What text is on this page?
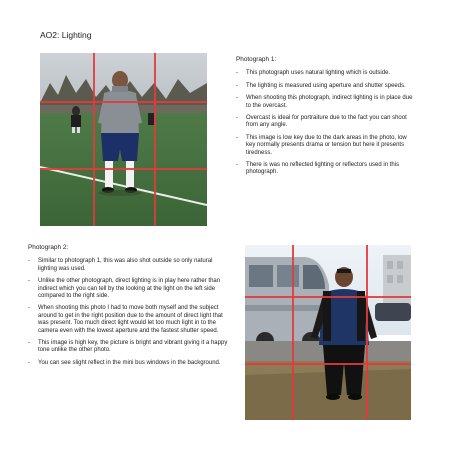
AO2: Lighting
Photograph 1:
- This photograph uses natural lighting which is outside.
- The lighting is measured using aperture and shutter speeds.
- When shooting this photograph, indirect lighting is in place due to the overcast.
- Overcast is ideal for portraiture due to the fact you can shoot from any angle.
- This image is low key due to the dark areas in the photo, low key normally presents drama or tension but here it presents tiredness.
- There is was no reflected lighting or reflectors used in this photograph.
Photograph 2:
- Similar to photograph 1, this was also shot outside so only natural lighting was used.
- Unlike the other photograph, direct lighting is in play here rather than indirect which you can tell by the looking at the light on the left side compared to the right side.
- When shooting this photo I had to move both myself and the subject around to get in the right position due to the amount of direct light that was present. Too much direct light would let too much light in to the camera even with the lowest aperture and the fastest shutter speed.
- This image is high key, the picture is bright and vibrant giving it a happy tone unlike the other photo.
- You can see slight reflect in the mini bus windows in the background.
